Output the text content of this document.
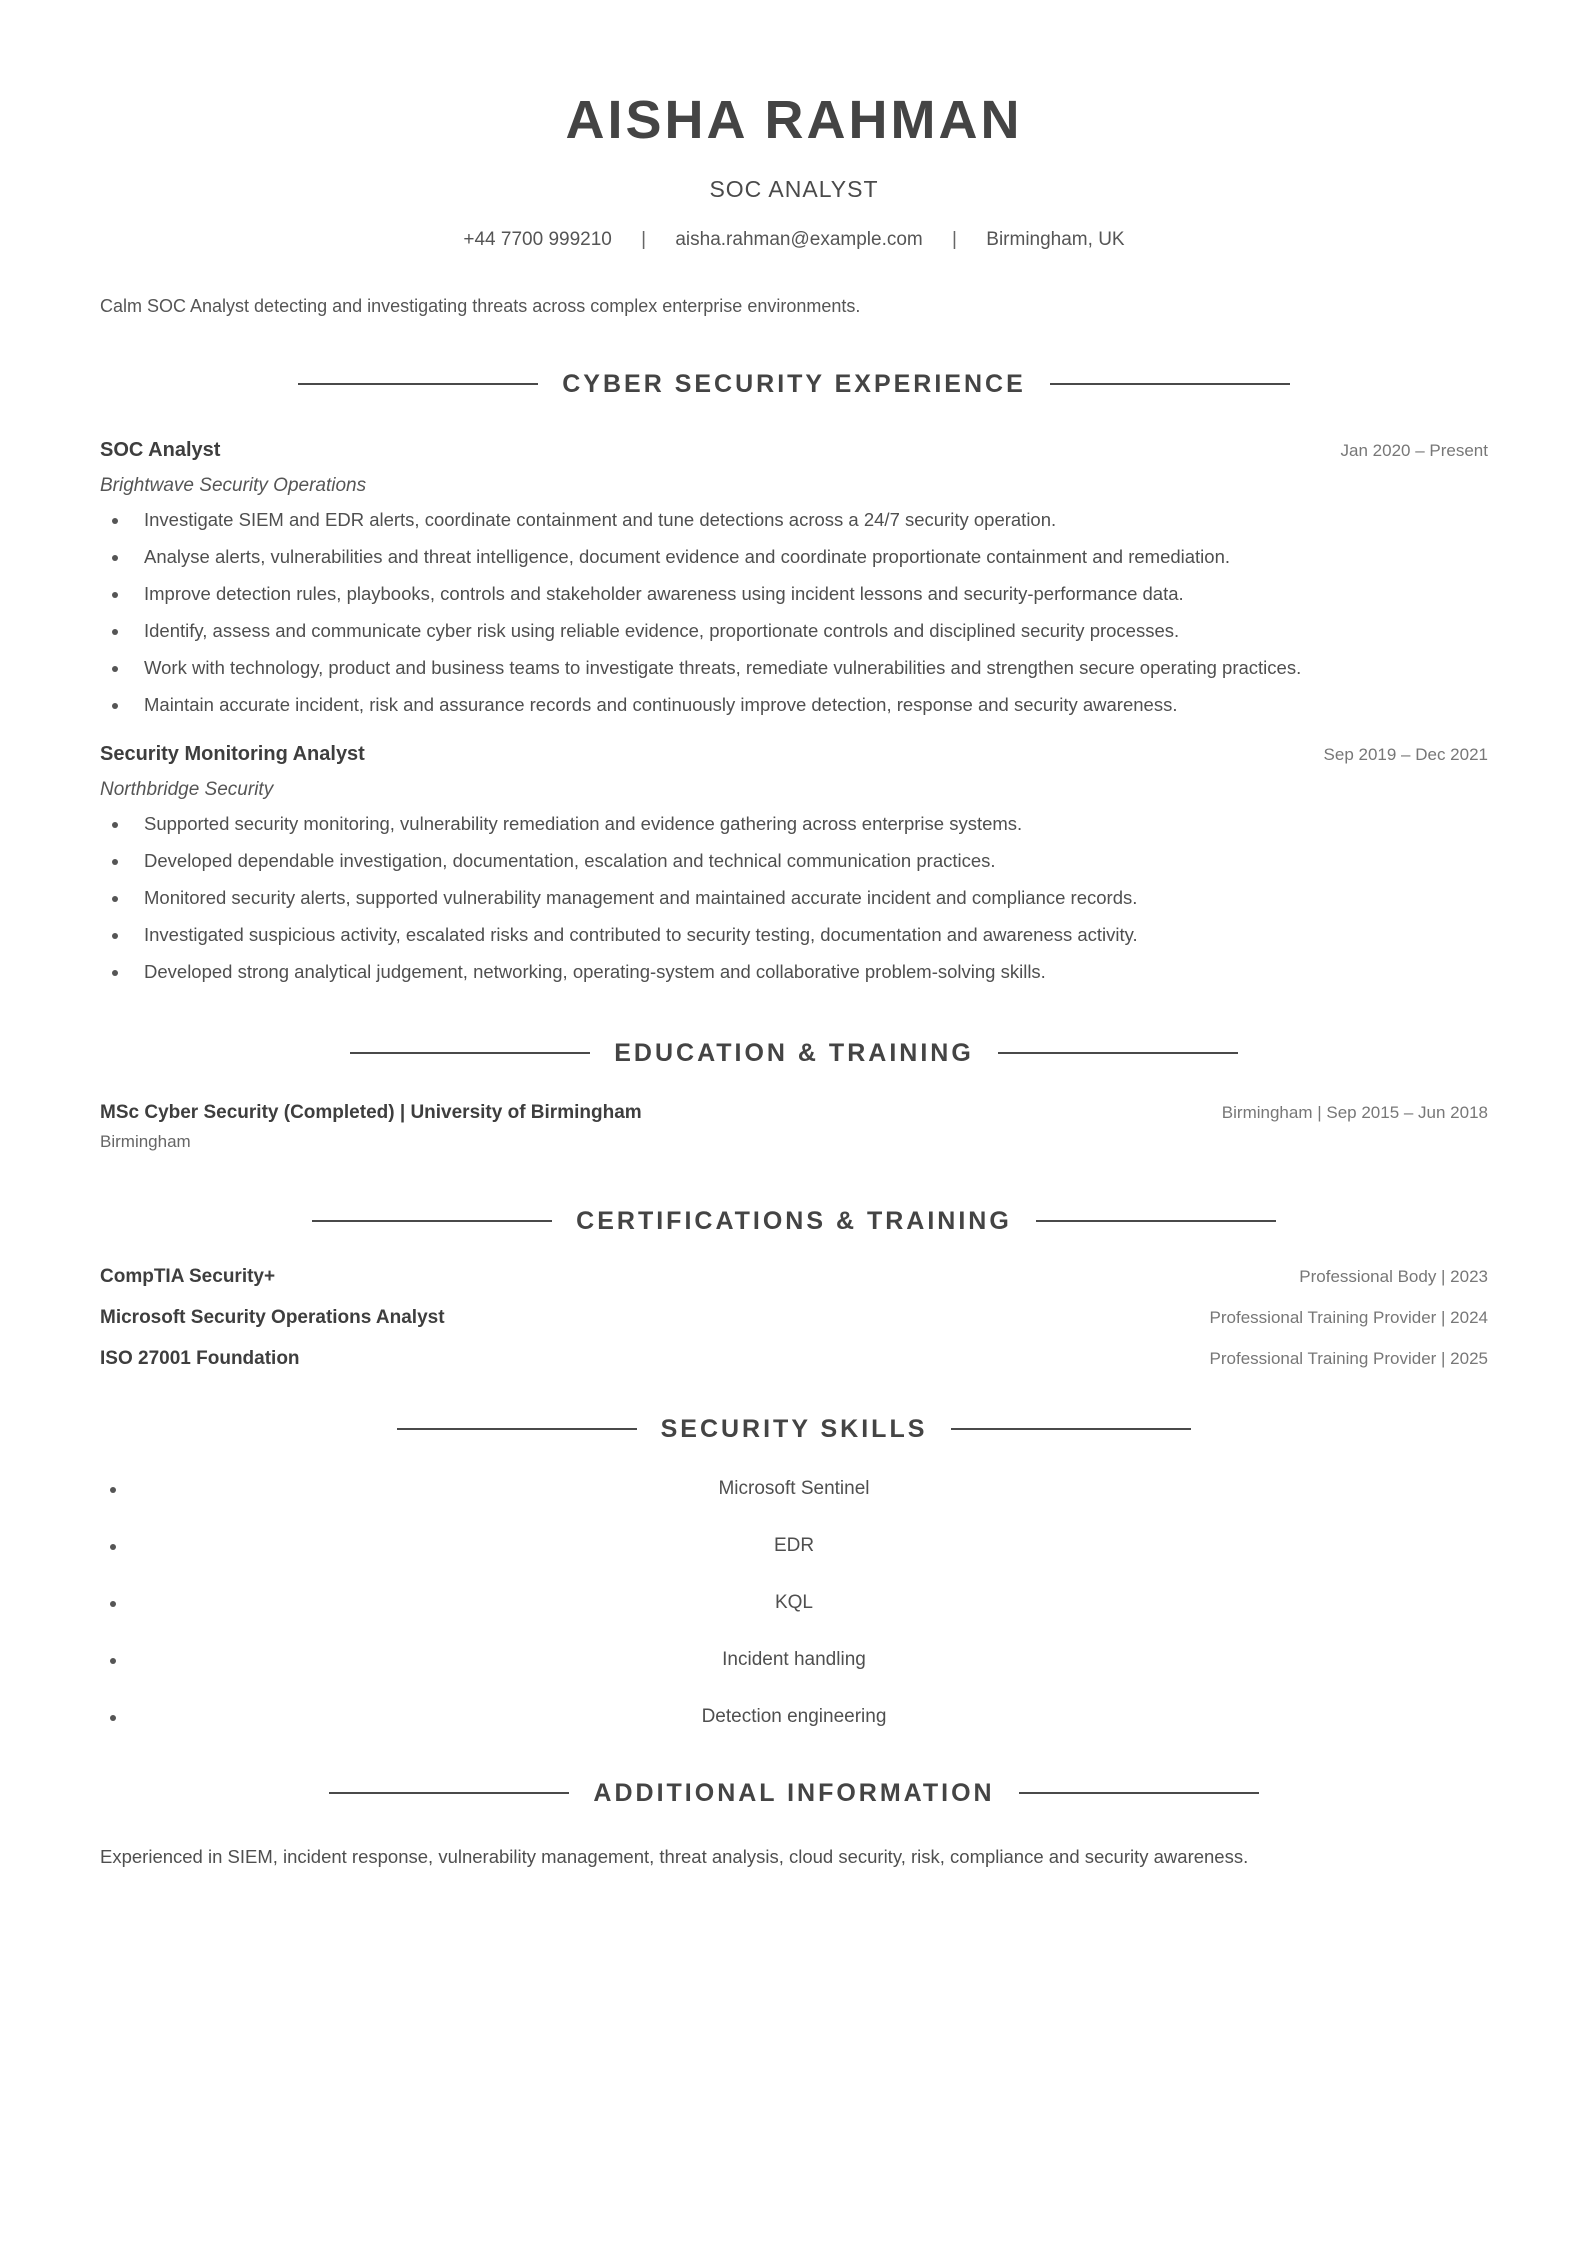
AISHA RAHMAN
SOC ANALYST
+44 7700 999210 | aisha.rahman@example.com | Birmingham, UK
Calm SOC Analyst detecting and investigating threats across complex enterprise environments.
CYBER SECURITY EXPERIENCE
SOC Analyst	Jan 2020 – Present
Brightwave Security Operations
Investigate SIEM and EDR alerts, coordinate containment and tune detections across a 24/7 security operation.
Analyse alerts, vulnerabilities and threat intelligence, document evidence and coordinate proportionate containment and remediation.
Improve detection rules, playbooks, controls and stakeholder awareness using incident lessons and security-performance data.
Identify, assess and communicate cyber risk using reliable evidence, proportionate controls and disciplined security processes.
Work with technology, product and business teams to investigate threats, remediate vulnerabilities and strengthen secure operating practices.
Maintain accurate incident, risk and assurance records and continuously improve detection, response and security awareness.
Security Monitoring Analyst	Sep 2019 – Dec 2021
Northbridge Security
Supported security monitoring, vulnerability remediation and evidence gathering across enterprise systems.
Developed dependable investigation, documentation, escalation and technical communication practices.
Monitored security alerts, supported vulnerability management and maintained accurate incident and compliance records.
Investigated suspicious activity, escalated risks and contributed to security testing, documentation and awareness activity.
Developed strong analytical judgement, networking, operating-system and collaborative problem-solving skills.
EDUCATION & TRAINING
MSc Cyber Security (Completed) | University of Birmingham	Birmingham | Sep 2015 – Jun 2018
Birmingham
CERTIFICATIONS & TRAINING
CompTIA Security+	Professional Body | 2023
Microsoft Security Operations Analyst	Professional Training Provider | 2024
ISO 27001 Foundation	Professional Training Provider | 2025
SECURITY SKILLS
Microsoft Sentinel
EDR
KQL
Incident handling
Detection engineering
ADDITIONAL INFORMATION
Experienced in SIEM, incident response, vulnerability management, threat analysis, cloud security, risk, compliance and security awareness.
